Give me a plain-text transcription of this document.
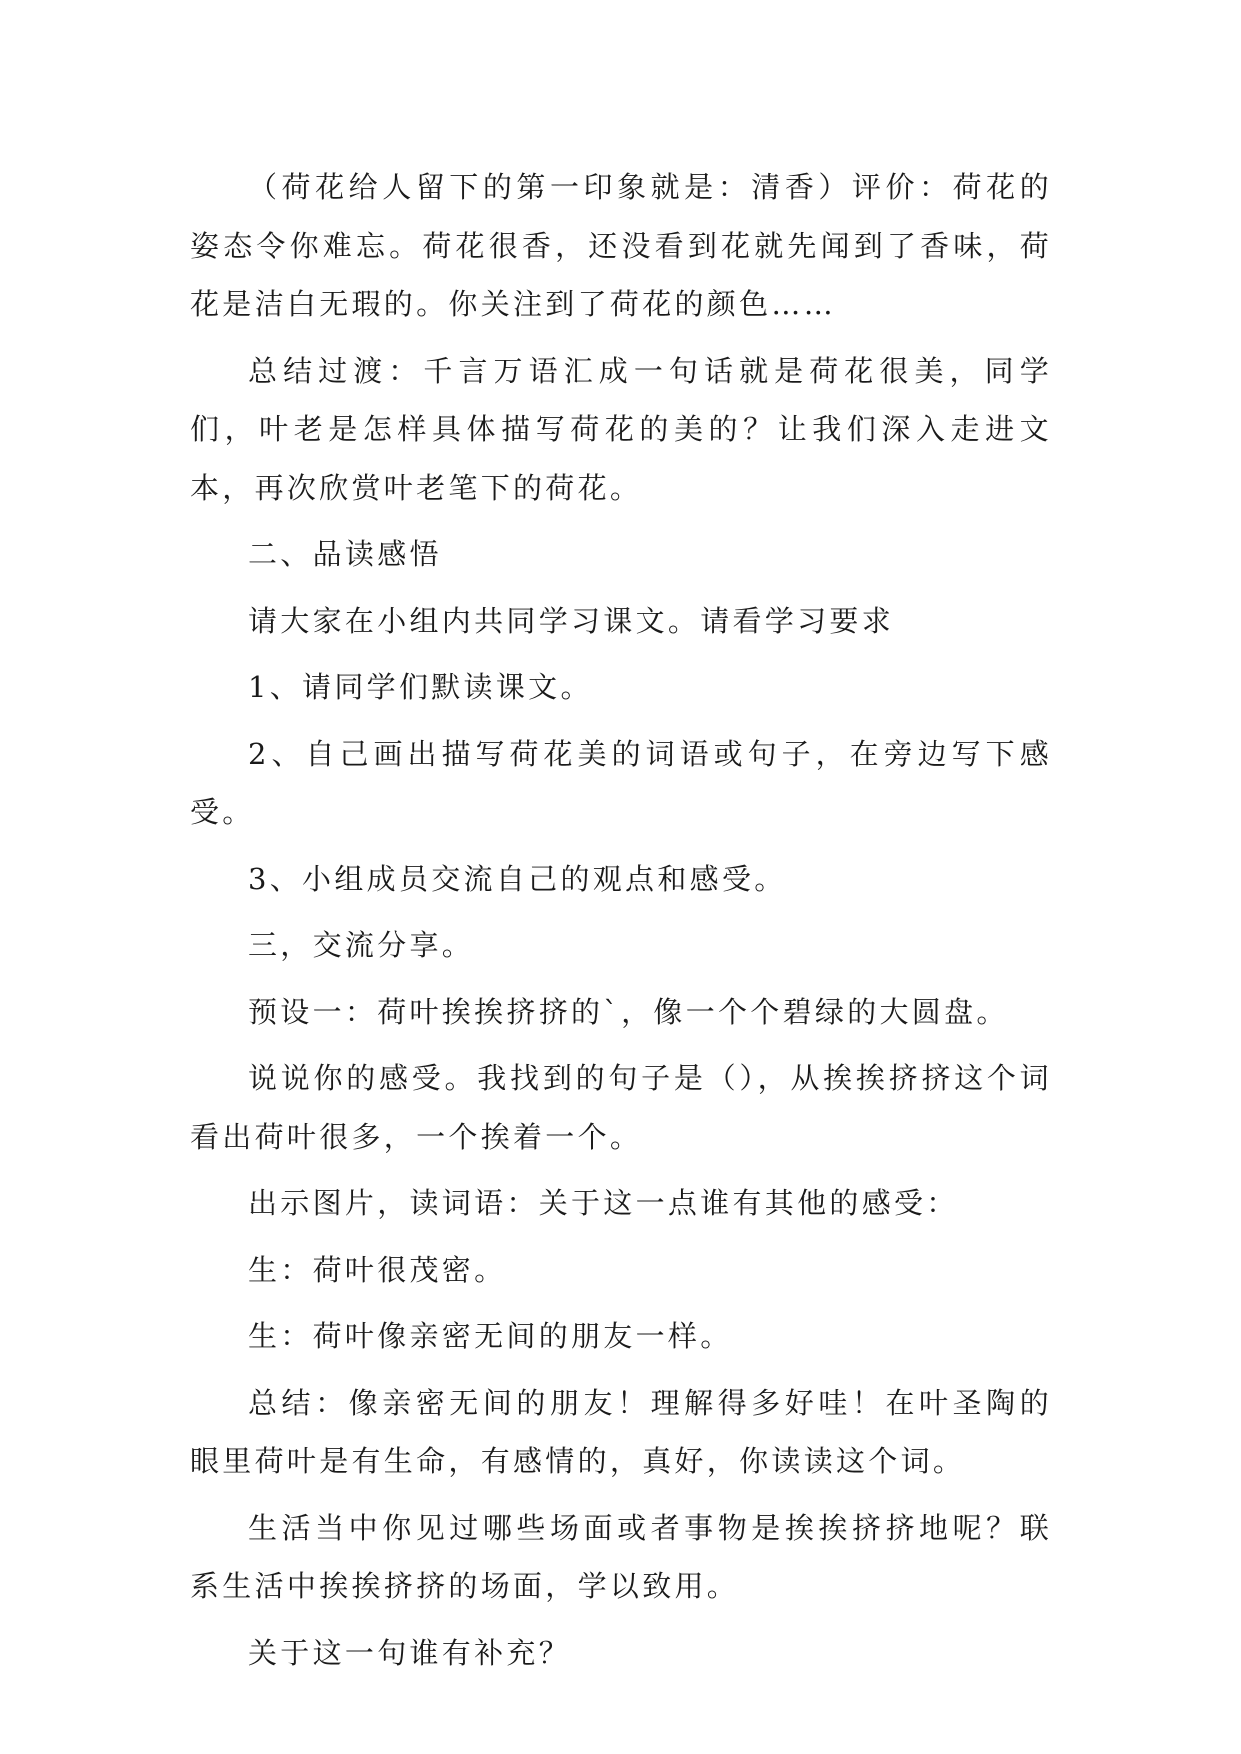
（荷花给人留下的第一印象就是：清香）评价：荷花的姿态令你难忘。荷花很香，还没看到花就先闻到了香味，荷花是洁白无瑕的。你关注到了荷花的颜色……

总结过渡：千言万语汇成一句话就是荷花很美，同学们，叶老是怎样具体描写荷花的美的？让我们深入走进文本，再次欣赏叶老笔下的荷花。

二、品读感悟

请大家在小组内共同学习课文。请看学习要求

1、请同学们默读课文。

2、自己画出描写荷花美的词语或句子，在旁边写下感受。

3、小组成员交流自己的观点和感受。

三，交流分享。

预设一：荷叶挨挨挤挤的`，像一个个碧绿的大圆盘。

说说你的感受。我找到的句子是（），从挨挨挤挤这个词看出荷叶很多，一个挨着一个。

出示图片，读词语：关于这一点谁有其他的感受：

生：荷叶很茂密。

生：荷叶像亲密无间的朋友一样。

总结：像亲密无间的朋友！理解得多好哇！在叶圣陶的眼里荷叶是有生命，有感情的，真好，你读读这个词。

生活当中你见过哪些场面或者事物是挨挨挤挤地呢？联系生活中挨挨挤挤的场面，学以致用。

关于这一句谁有补充？
